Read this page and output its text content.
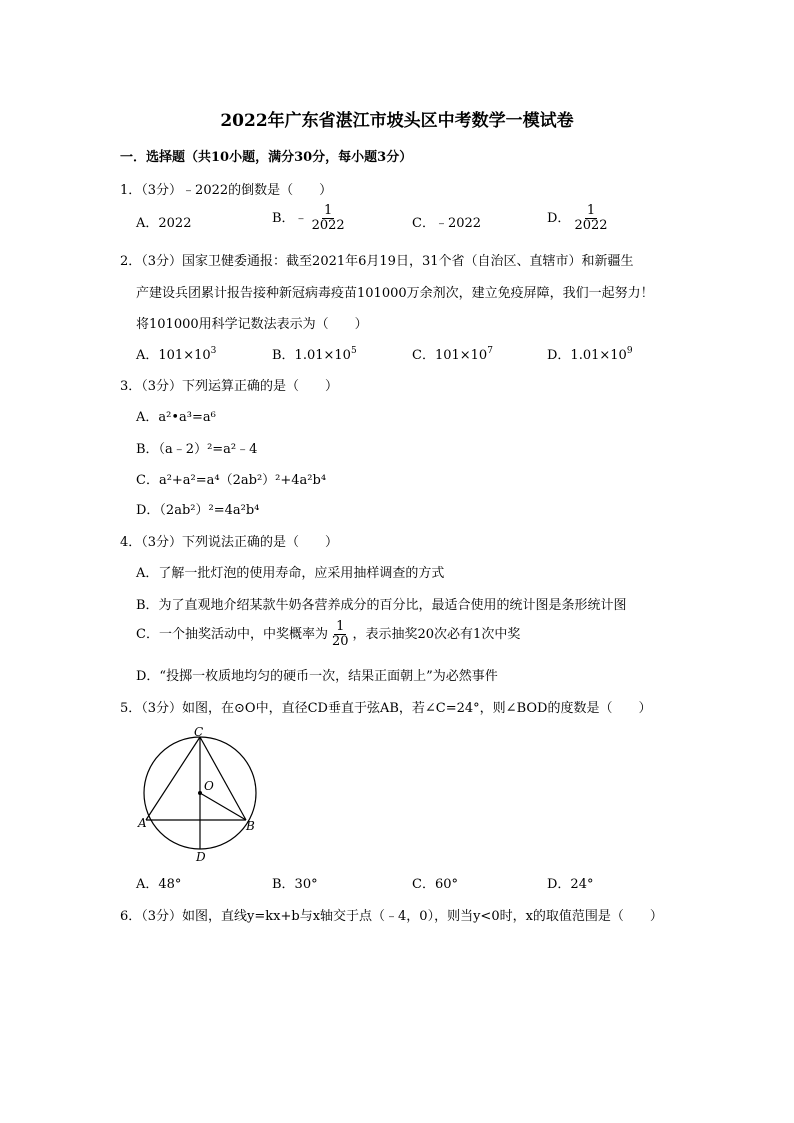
2022年广东省湛江市坡头区中考数学一模试卷
一．选择题（共10小题，满分30分，每小题3分）
1．（3分）﹣2022的倒数是（　　）
A．2022	B．﹣ $\frac{1}{2022}$	C．﹣2022	D． $\frac{1}{2022}$
2．（3分）国家卫健委通报：截至2021年6月19日，31个省（自治区、直辖市）和新疆生
产建设兵团累计报告接种新冠病毒疫苗101000万余剂次，建立免疫屏障，我们一起努力！
将101000用科学记数法表示为（　　）
A．$101\times 10^3$	B．$1.01\times 10^5$	C．$101\times 10^7$	D．$1.01\times 10^9$
3．（3分）下列运算正确的是（　　）
A．a²•a³=a⁶
B．（a﹣2）²=a²﹣4
C．a²+a²=a⁴（2ab²）²+4a²b⁴
D．（2ab²）²=4a²b⁴
4．（3分）下列说法正确的是（　　）
A．了解一批灯泡的使用寿命，应采用抽样调查的方式
B．为了直观地介绍某款牛奶各营养成分的百分比，最适合使用的统计图是条形统计图
C．一个抽奖活动中，中奖概率为 $\frac{1}{20}$ ，表示抽奖20次必有1次中奖
D．“投掷一枚质地均匀的硬币一次，结果正面朝上”为必然事件
5．（3分）如图，在⊙O中，直径CD垂直于弦AB，若∠C=24°，则∠BOD的度数是（　　）
C
O
A	B
D
A．48°	B．30°	C．60°	D．24°
6．（3分）如图，直线y=kx+b与x轴交于点（﹣4，0），则当y<0时，x的取值范围是（　　）
